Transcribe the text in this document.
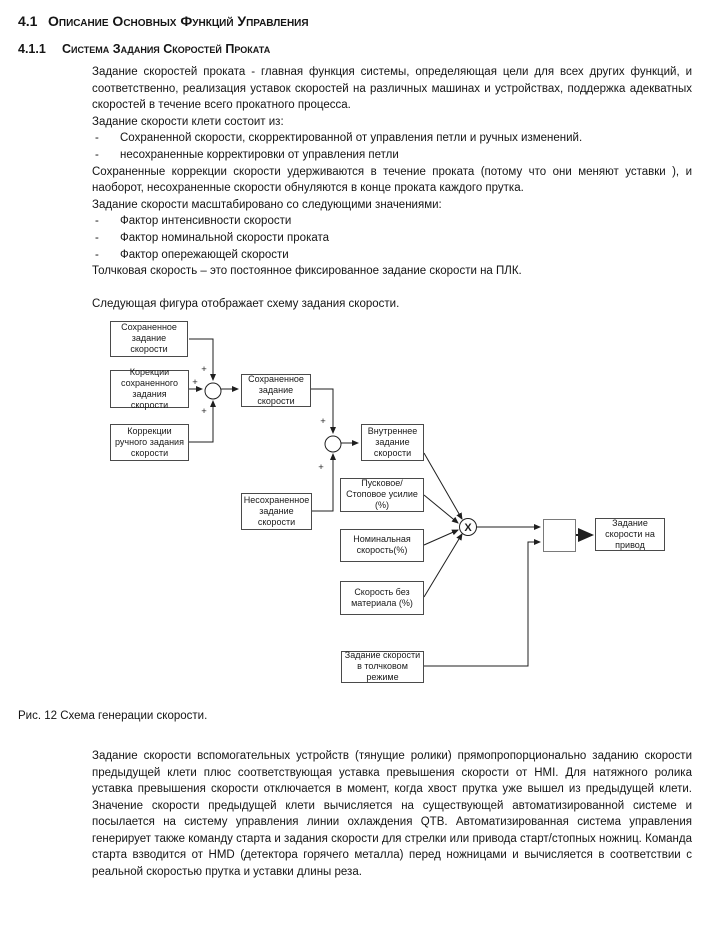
4.1 Описание Основных Функций Управления
4.1.1	Система Задания Скоростей Проката

Задание скоростей проката - главная функция системы, определяющая цели для всех других функций, и соответственно, реализация уставок скоростей на различных машинах и устройствах, поддержка адекватных скоростей в течение всего прокатного процесса.

Задание скорости клети состоит из:

- Сохраненной скорости, скорректированной от управления петли и ручных изменений.
- несохраненные корректировки от управления петли

Сохраненные коррекции скорости удерживаются в течение проката (потому что они меняют уставки ), и наоборот, несохраненные скорости обнуляются в конце проката каждого прутка.

Задание скорости масштабировано со следующими значениями:

- Фактор интенсивности скорости
- Фактор номинальной скорости проката
- Фактор опережающей скорости

Толчковая скорость – это постоянное фиксированное задание скорости на ПЛК.

Следующая фигура отображает схему задания скорости.

+
+
+
+
+
X
Сохраненное задание скорости
Корекции сохраненного задания скорости
Коррекции ручного задания скорости
Сохраненное задание скорости
Внутреннее задание скорости
Несохраненное задание скорости
Пусковое/Стоповое усилие (%)
Номинальная скорость(%)
Скорость без материала (%)
Задание скорости в толчковом режиме
Задание скорости на привод

Рис. 12 Схема генерации скорости.

Задание скорости вспомогательных устройств (тянущие ролики) прямопропорционально заданию скорости предыдущей клети плюс соответствующая уставка превышения скорости от HMI. Для натяжного ролика уставка превышения скорости отключается в момент, когда хвост прутка уже вышел из предыдущей клети. Значение скорости предыдущей клети вычисляется на существующей автоматизированной системе и посылается на систему управления линии охлаждения QTB. Автоматизированная система управления генерирует также команду старта и задания скорости для стрелки или привода старт/стопных ножниц. Команда старта взводится от HMD (детектора горячего металла) перед ножницами и вычисляется в соответствии с реальной скоростью прутка и уставки длины реза.
